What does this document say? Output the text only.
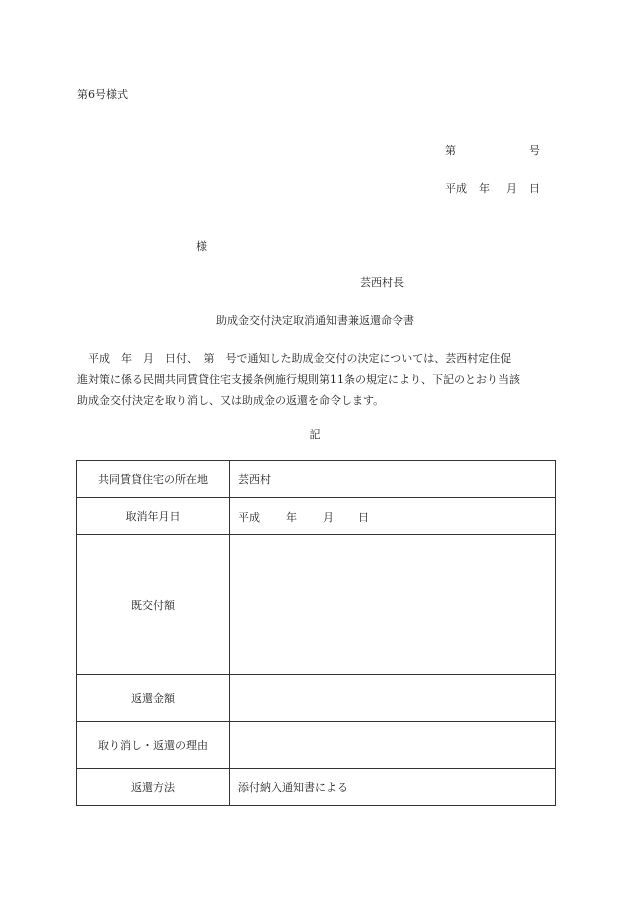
第6号様式
第	号
平成 年 月 日
様
芸西村長
助成金交付決定取消通知書兼返還命令書
平成　年　月　日付、　第　号で通知した助成金交付の決定については、芸西村定住促
進対策に係る民間共同賃貸住宅支援条例施行規則第11条の規定により、下記のとおり当該
助成金交付決定を取り消し、又は助成金の返還を命令します。
記
共同賃貸住宅の所在地	芸西村
取消年月日	平成 年 月 日

既交付額	
返還金額	
取り消し・返還の理由	
返還方法	添付納入通知書による
